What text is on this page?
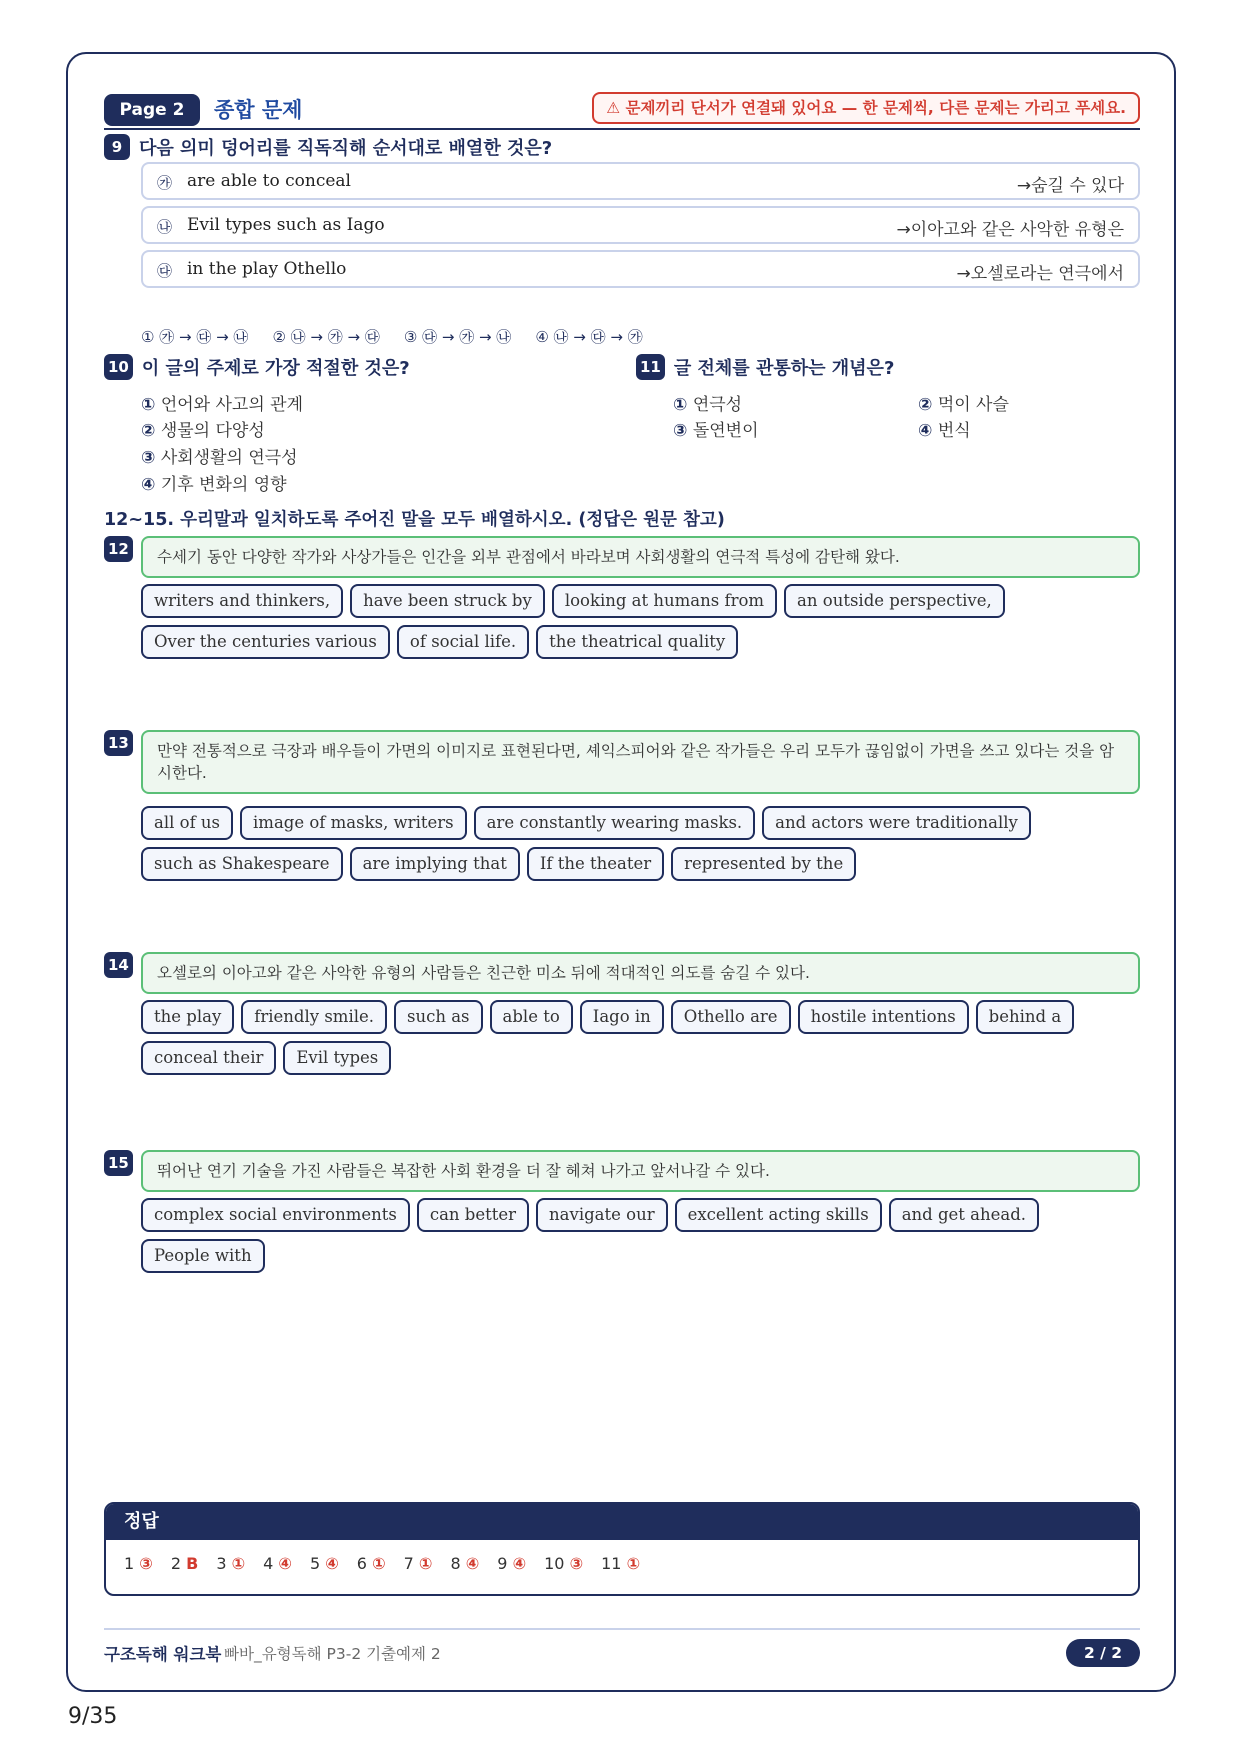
Page 2	종합 문제	⚠ 문제끼리 단서가 연결돼 있어요 — 한 문제씩, 다른 문제는 가리고 푸세요.
9 다음 의미 덩어리를 직독직해 순서대로 배열한 것은?
㉮ are able to conceal	→숨길 수 있다
㉯ Evil types such as Iago	→이아고와 같은 사악한 유형은
㉰ in the play Othello	→오셀로라는 연극에서
① ㉮ → ㉰ → ㉯ ② ㉯ → ㉮ → ㉰ ③ ㉰ → ㉮ → ㉯ ④ ㉯ → ㉰ → ㉮
10 이 글의 주제로 가장 적절한 것은?
① 언어와 사고의 관계
② 생물의 다양성
③ 사회생활의 연극성
④ 기후 변화의 영향
11 글 전체를 관통하는 개념은?
① 연극성	② 먹이 사슬
③ 돌연변이	④ 번식
12~15. 우리말과 일치하도록 주어진 말을 모두 배열하시오. (정답은 원문 참고)
12	수세기 동안 다양한 작가와 사상가들은 인간을 외부 관점에서 바라보며 사회생활의 연극적 특성에 감탄해 왔다.
writers and thinkers,	have been struck by	looking at humans from	an outside perspective,
Over the centuries various	of social life.	the theatrical quality
13	만약 전통적으로 극장과 배우들이 가면의 이미지로 표현된다면, 셰익스피어와 같은 작가들은 우리 모두가 끊임없이 가면을 쓰고 있다는 것을 암시한다.
all of us	image of masks, writers	are constantly wearing masks.	and actors were traditionally
such as Shakespeare	are implying that	If the theater	represented by the
14	오셀로의 이아고와 같은 사악한 유형의 사람들은 친근한 미소 뒤에 적대적인 의도를 숨길 수 있다.
the play	friendly smile.	such as	able to	Iago in	Othello are	hostile intentions	behind a
conceal their	Evil types
15	뛰어난 연기 기술을 가진 사람들은 복잡한 사회 환경을 더 잘 헤쳐 나가고 앞서나갈 수 있다.
complex social environments	can better	navigate our	excellent acting skills	and get ahead.
People with
정답
1 ③ 2 B 3 ① 4 ④ 5 ④ 6 ① 7 ① 8 ④ 9 ④ 10 ③ 11 ①
구조독해 워크북 빠바_유형독해 P3-2 기출예제 2	2 / 2
9/35
